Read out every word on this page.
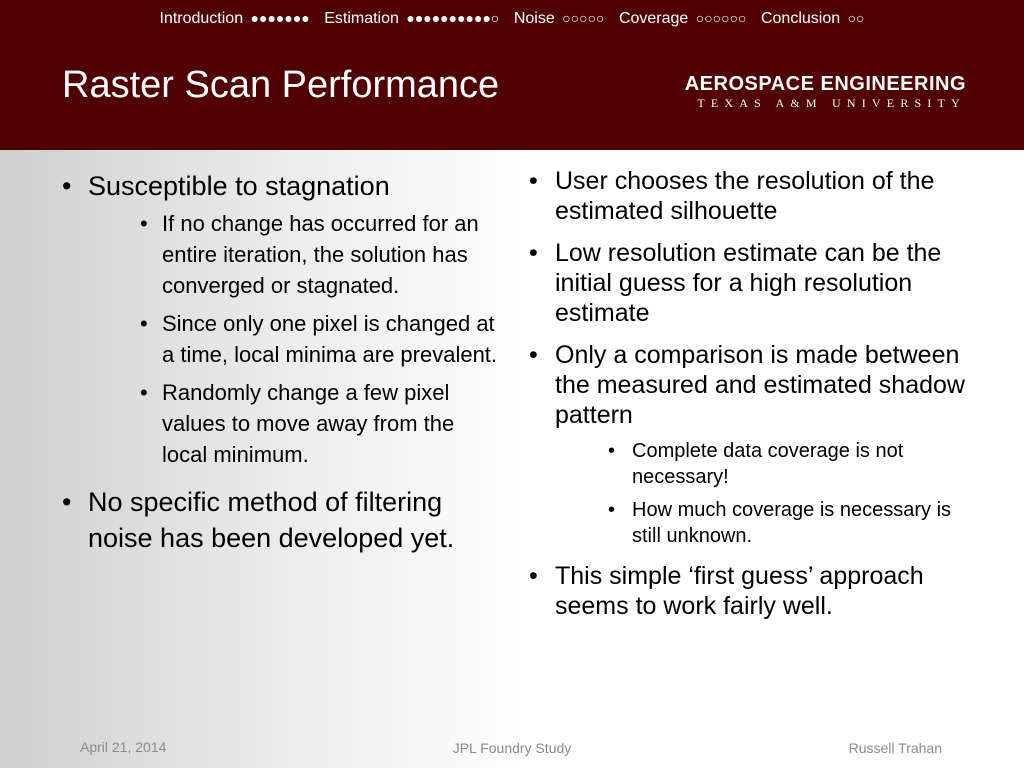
Introduction ●●●●●●● Estimation ●●●●●●●●●●○ Noise ○○○○○ Coverage ○○○○○○ Conclusion ○○
Raster Scan Performance	AEROSPACE ENGINEERING
TEXAS A&M UNIVERSITY
• Susceptible to stagnation
• If no change has occurred for an entire iteration, the solution has converged or stagnated.
• Since only one pixel is changed at a time, local minima are prevalent.
• Randomly change a few pixel values to move away from the local minimum.
• No specific method of filtering noise has been developed yet.
• User chooses the resolution of the estimated silhouette
• Low resolution estimate can be the initial guess for a high resolution estimate
• Only a comparison is made between the measured and estimated shadow pattern
• Complete data coverage is not necessary!
• How much coverage is necessary is still unknown.
• This simple ‘first guess’ approach seems to work fairly well.
April 21, 2014	JPL Foundry Study	Russell Trahan
